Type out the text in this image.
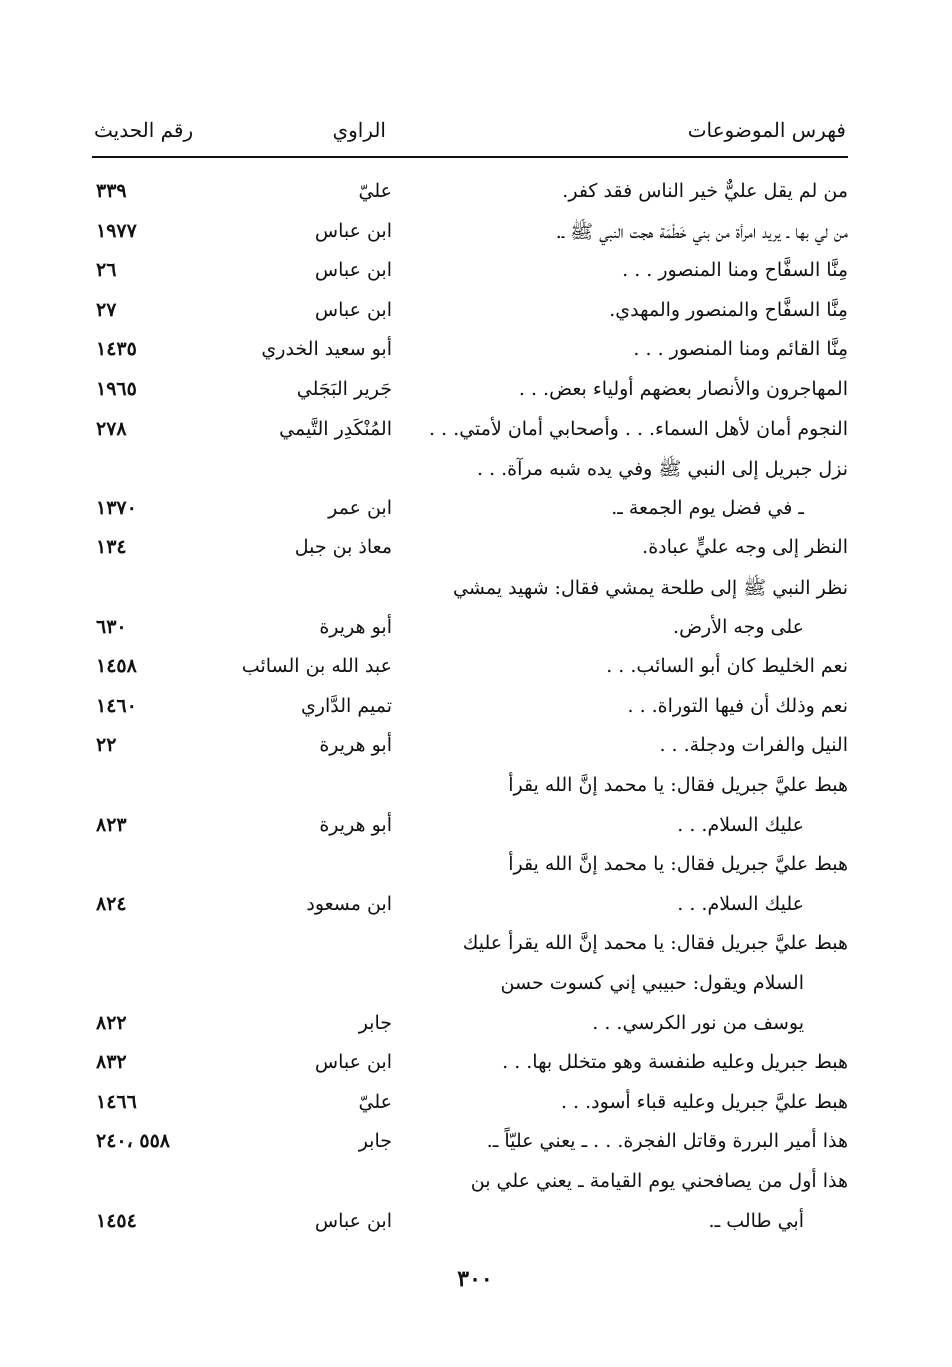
فهرس الموضوعات
الراوي
رقم الحديث
من لم يقل عليٌّ خير الناس فقد كفر.
عليّ
٣٣٩
من لي بها ـ يريد امرأة من بني خَطْمَة هجت النبي ﷺ ـ.
ابن عباس
١٩٧٧
مِنَّا السفَّاح ومنا المنصور . . .
ابن عباس
٢٦
مِنَّا السفَّاح والمنصور والمهدي.
ابن عباس
٢٧
مِنَّا القائم ومنا المنصور . . .
أبو سعيد الخدري
١٤٣٥
المهاجرون والأنصار بعضهم أولياء بعض. . .
جَرير البَجَلي
١٩٦٥
النجوم أمان لأهل السماء. . . وأصحابي أمان لأمتي. . .
المُنْكَدِر التَّيمي
٢٧٨
نزل جبريل إلى النبي ﷺ وفي يده شبه مرآة. . .
ـ في فضل يوم الجمعة ـ.
ابن عمر
١٣٧٠
النظر إلى وجه عليٍّ عبادة.
معاذ بن جبل
١٣٤
نظر النبي ﷺ إلى طلحة يمشي فقال: شهيد يمشي
على وجه الأرض.
أبو هريرة
٦٣٠
نعم الخليط كان أبو السائب. . .
عبد الله بن السائب
١٤٥٨
نعم وذلك أن فيها التوراة. . .
تميم الدَّاري
١٤٦٠
النيل والفرات ودجلة. . .
أبو هريرة
٢٢
هبط عليَّ جبريل فقال: يا محمد إنَّ الله يقرأ
عليك السلام. . .
أبو هريرة
٨٢٣
هبط عليَّ جبريل فقال: يا محمد إنَّ الله يقرأ
عليك السلام. . .
ابن مسعود
٨٢٤
هبط عليَّ جبريل فقال: يا محمد إنَّ الله يقرأ عليك
السلام ويقول: حبيبي إني كسوت حسن
يوسف من نور الكرسي. . .
جابر
٨٢٢
هبط جبريل وعليه طنفسة وهو متخلل بها. . .
ابن عباس
٨٣٢
هبط عليَّ جبريل وعليه قباء أسود. . .
عليّ
١٤٦٦
هذا أمير البررة وقاتل الفجرة. . . ـ يعني عليّاً ـ.
جابر
٥٥٨ ،٢٤٠
هذا أول من يصافحني يوم القيامة ـ يعني علي بن
أبي طالب ـ.
ابن عباس
١٤٥٤
٣٠٠
